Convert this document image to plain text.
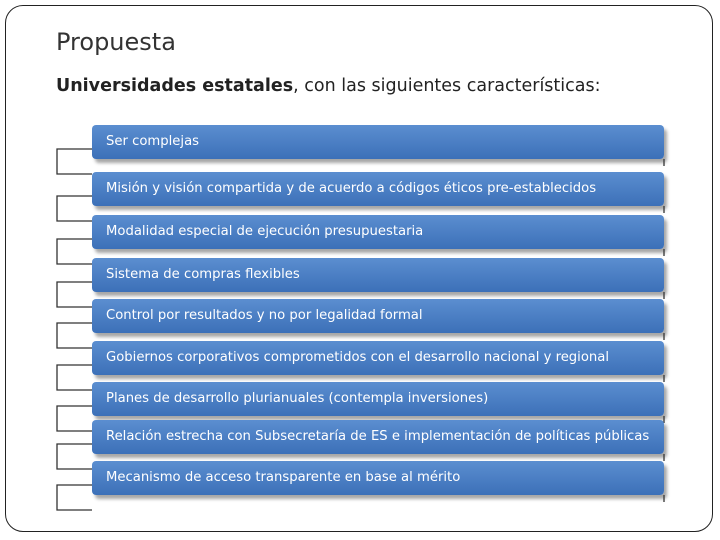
Propuesta
Universidades estatales, con las siguientes características:
Ser complejas
Misión y visión compartida y de acuerdo a códigos éticos pre-establecidos
Modalidad especial de ejecución presupuestaria
Sistema de compras flexibles
Control por resultados y no por legalidad formal
Gobiernos corporativos comprometidos con el desarrollo nacional y regional
Planes de desarrollo plurianuales (contempla inversiones)
Relación estrecha con Subsecretaría de ES e implementación de políticas públicas
Mecanismo de acceso transparente en base al mérito
